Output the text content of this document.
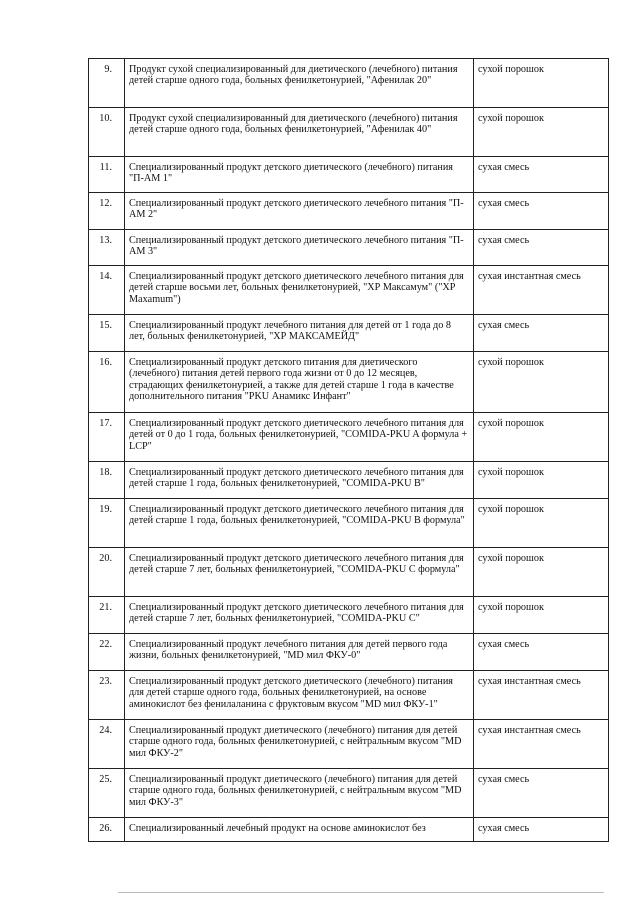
9.	Продукт сухой специализированный для диетического (лечебного) питания детей старше одного года, больных фенилкетонурией, "Афенилак 20"	сухой порошок
10.	Продукт сухой специализированный для диетического (лечебного) питания детей старше одного года, больных фенилкетонурией, "Афенилак 40"	сухой порошок
11.	Специализированный продукт детского диетического (лечебного) питания "П-АМ 1"	сухая смесь
12.	Специализированный продукт детского диетического лечебного питания "П-АМ 2"	сухая смесь
13.	Специализированный продукт детского диетического лечебного питания "П-АМ 3"	сухая смесь
14.	Специализированный продукт детского диетического лечебного питания для детей старше восьми лет, больных фенилкетонурией, "ХР Максамум" ("ХР Maxamum")	сухая инстантная смесь
15.	Специализированный продукт лечебного питания для детей от 1 года до 8 лет, больных фенилкетонурией, "ХР МАКСАМЕЙД"	сухая смесь
16.	Специализированный продукт детского питания для диетического (лечебного) питания детей первого года жизни от 0 до 12 месяцев, страдающих фенилкетонурией, а также для детей старше 1 года в качестве дополнительного питания "PKU Анамикс Инфант"	сухой порошок
17.	Специализированный продукт детского диетического лечебного питания для детей от 0 до 1 года, больных фенилкетонурией, "COMIDA-PKU A формула + LCP"	сухой порошок
18.	Специализированный продукт детского диетического лечебного питания для детей старше 1 года, больных фенилкетонурией, "COMIDA-PKU B"	сухой порошок
19.	Специализированный продукт детского диетического лечебного питания для детей старше 1 года, больных фенилкетонурией, "COMIDA-PKU B формула"	сухой порошок
20.	Специализированный продукт детского диетического лечебного питания для детей старше 7 лет, больных фенилкетонурией, "COMIDA-PKU C формула"	сухой порошок
21.	Специализированный продукт детского диетического лечебного питания для детей старше 7 лет, больных фенилкетонурией, "COMIDA-PKU C"	сухой порошок
22.	Специализированный продукт лечебного питания для детей первого года жизни, больных фенилкетонурией, "MD мил ФКУ-0"	сухая смесь
23.	Специализированный продукт детского диетического (лечебного) питания для детей старше одного года, больных фенилкетонурией, на основе аминокислот без фенилаланина с фруктовым вкусом "MD мил ФКУ-1"	сухая инстантная смесь
24.	Специализированный продукт диетического (лечебного) питания для детей старше одного года, больных фенилкетонурией, с нейтральным вкусом "MD мил ФКУ-2"	сухая инстантная смесь
25.	Специализированный продукт диетического (лечебного) питания для детей старше одного года, больных фенилкетонурией, с нейтральным вкусом "MD мил ФКУ-3"	сухая смесь
26.	Специализированный лечебный продукт на основе аминокислот без	сухая смесь
